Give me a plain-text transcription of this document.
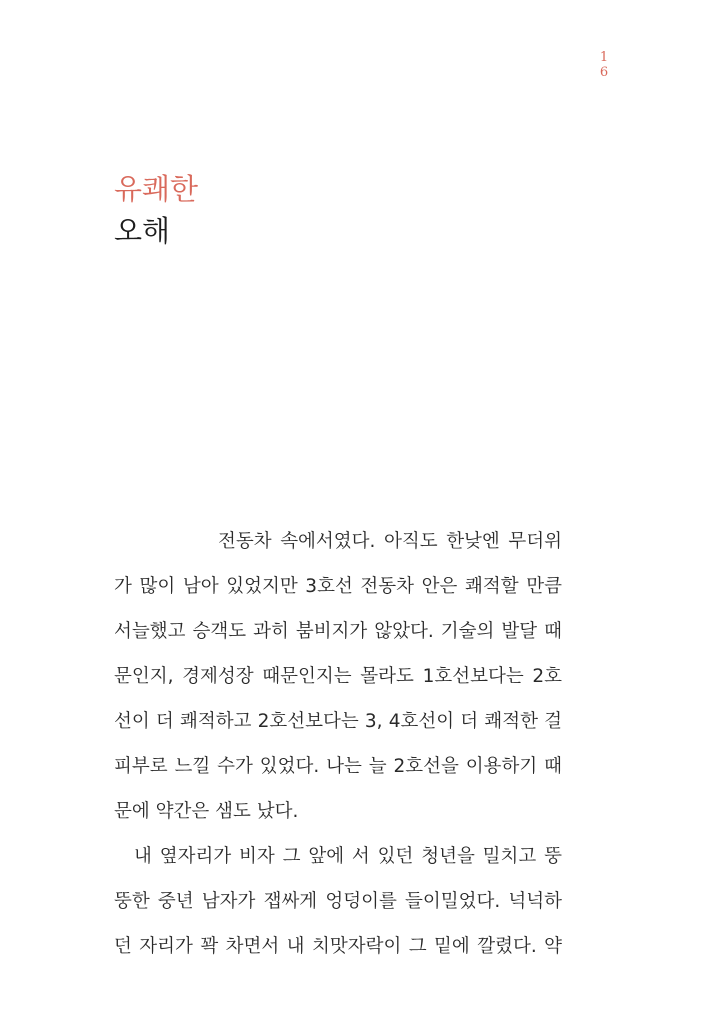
1
6
유쾌한
오해
전동차 속에서였다. 아직도 한낮엔 무더위
가 많이 남아 있었지만 3호선 전동차 안은 쾌적할 만큼
서늘했고 승객도 과히 붐비지가 않았다. 기술의 발달 때
문인지, 경제성장 때문인지는 몰라도 1호선보다는 2호
선이 더 쾌적하고 2호선보다는 3, 4호선이 더 쾌적한 걸
피부로 느낄 수가 있었다. 나는 늘 2호선을 이용하기 때
문에 약간은 샘도 났다.
내 옆자리가 비자 그 앞에 서 있던 청년을 밀치고 뚱
뚱한 중년 남자가 잽싸게 엉덩이를 들이밀었다. 넉넉하
던 자리가 꽉 차면서 내 치맛자락이 그 밑에 깔렸다. 약
